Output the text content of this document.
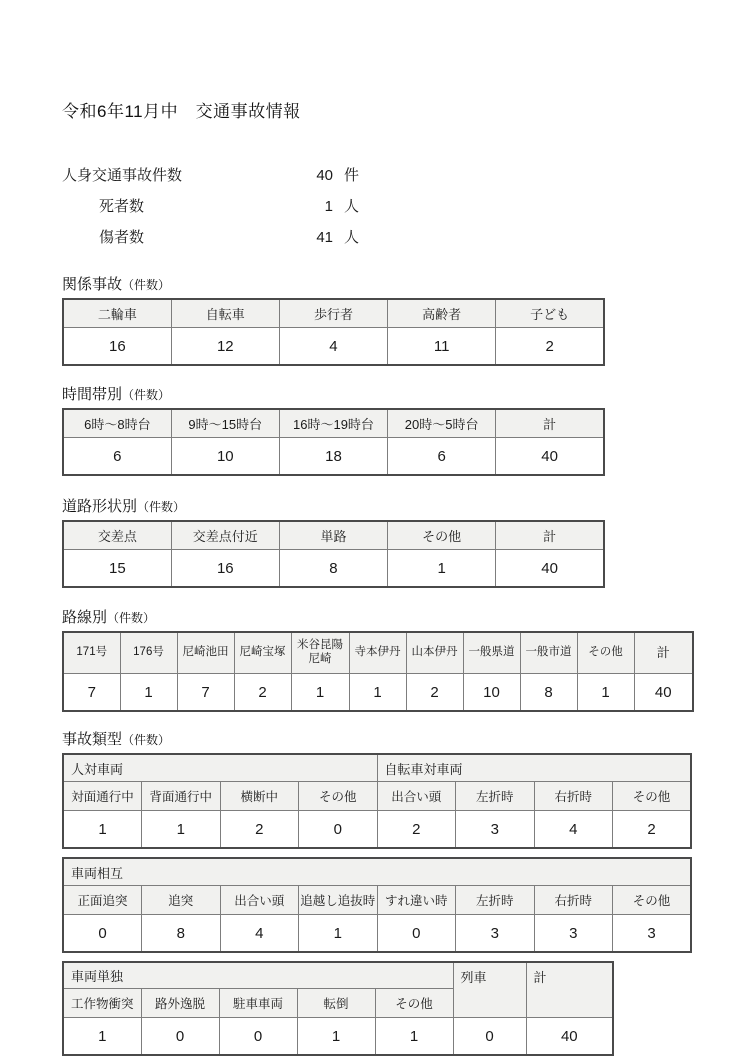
令和6年11月中　交通事故情報
人身交通事故件数	40 件
死者数	1 人
傷者数	41 人
関係事故（件数）
二輪車	自転車	歩行者	高齢者	子ども
16	12	4	11	2
時間帯別（件数）
6時～8時台	9時～15時台	16時～19時台	20時～5時台	計
6	10	18	6	40
道路形状別（件数）
交差点	交差点付近	単路	その他	計
15	16	8	1	40
路線別（件数）
171号	176号	尼崎池田	尼崎宝塚	米谷昆陽尼崎	寺本伊丹	山本伊丹	一般県道	一般市道	その他	計
7	1	7	2	1	1	2	10	8	1	40
事故類型（件数）
人対車両				自転車対車両			
対面通行中	背面通行中	横断中	その他	出合い頭	左折時	右折時	その他
1	1	2	0	2	3	4	2
車両相互							
正面追突	追突	出合い頭	追越し追抜時	すれ違い時	左折時	右折時	その他
0	8	4	1	0	3	3	3
車両単独					列車	計
工作物衝突	路外逸脱	駐車車両	転倒	その他		
1	0	0	1	1	0	40
